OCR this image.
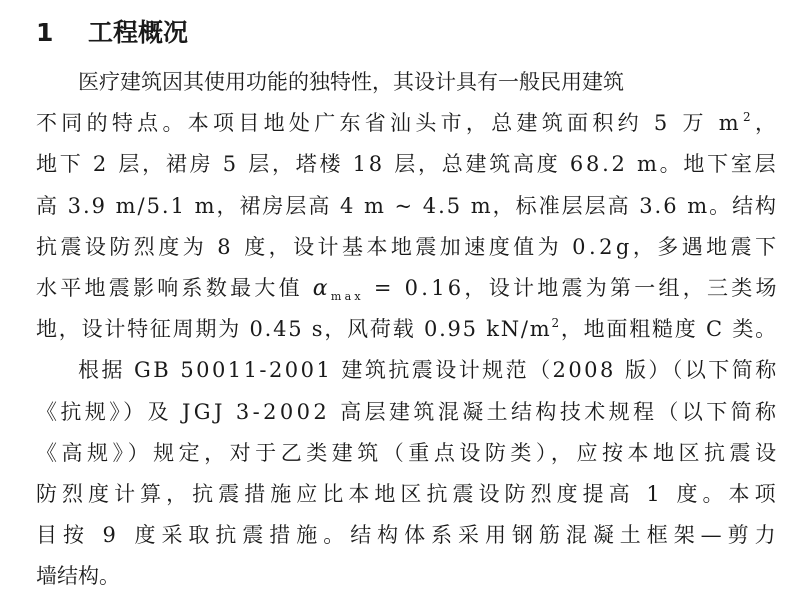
1 工程概况
医疗建筑因其使用功能的独特性，其设计具有一般民用建筑
不同的特点。本项目地处广东省汕头市，总建筑面积约 5 万 $m^2$，
地下 2 层，裙房 5 层，塔楼 18 层，总建筑高度 68.2 m。地下室层
高 3.9 m/5.1 m，裙房层高 4 m ~ 4.5 m，标准层层高 3.6 m。结构
抗震设防烈度为 8 度，设计基本地震加速度值为 0.2g，多遇地震下
水平地震影响系数最大值 $\alpha_{max} = 0.16$，设计地震为第一组，三类场
地，设计特征周期为 0.45 s，风荷载 0.95 $kN/m^2$，地面粗糙度 C 类。
根据 GB 50011-2001 建筑抗震设计规范（2008 版）（以下简称
《抗规》）及 JGJ 3-2002 高层建筑混凝土结构技术规程（以下简称
《高规》）规定，对于乙类建筑（重点设防类），应按本地区抗震设
防烈度计算，抗震措施应比本地区抗震设防烈度提高 1 度。本项
目按 9 度采取抗震措施。结构体系采用钢筋混凝土框架—剪力
墙结构。
